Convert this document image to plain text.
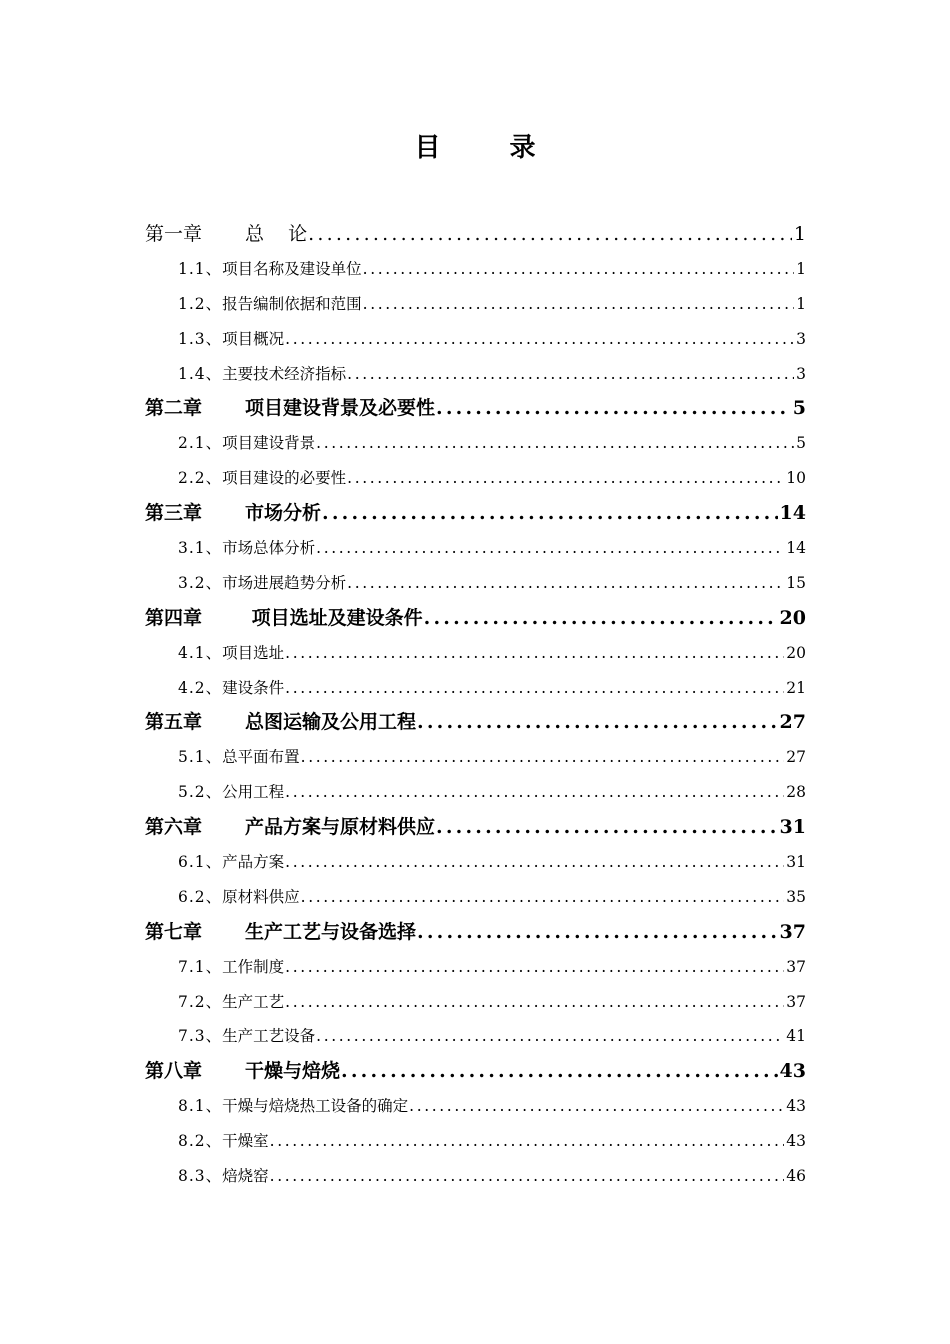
目 录
第一章	总    论 .....	1
1.1、 项目名称及建设单位 .....	1
1.2、 报告编制依据和范围 .....	1
1.3、 项目概况 .....	3
1.4、 主要技术经济指标 .....	3
第二章	项目建设背景及必要性 .....	5
2.1、 项目建设背景 .....	5
2.2、 项目建设的必要性 .....	10
第三章	市场分析 .....	14
3.1、 市场总体分析 .....	14
3.2、 市场进展趋势分析 .....	15
第四章	项目选址及建设条件 .....	20
4.1、 项目选址 .....	20
4.2、 建设条件 .....	21
第五章	总图运输及公用工程 .....	27
5.1、 总平面布置 .....	27
5.2、 公用工程 .....	28
第六章	产品方案与原材料供应 .....	31
6.1、 产品方案 .....	31
6.2、 原材料供应 .....	35
第七章	生产工艺与设备选择 .....	37
7.1、 工作制度 .....	37
7.2、 生产工艺 .....	37
7.3、 生产工艺设备 .....	41
第八章	干燥与焙烧 .....	43
8.1、 干燥与焙烧热工设备的确定 .....	43
8.2、 干燥室 .....	43
8.3、 焙烧窑 .....	46
